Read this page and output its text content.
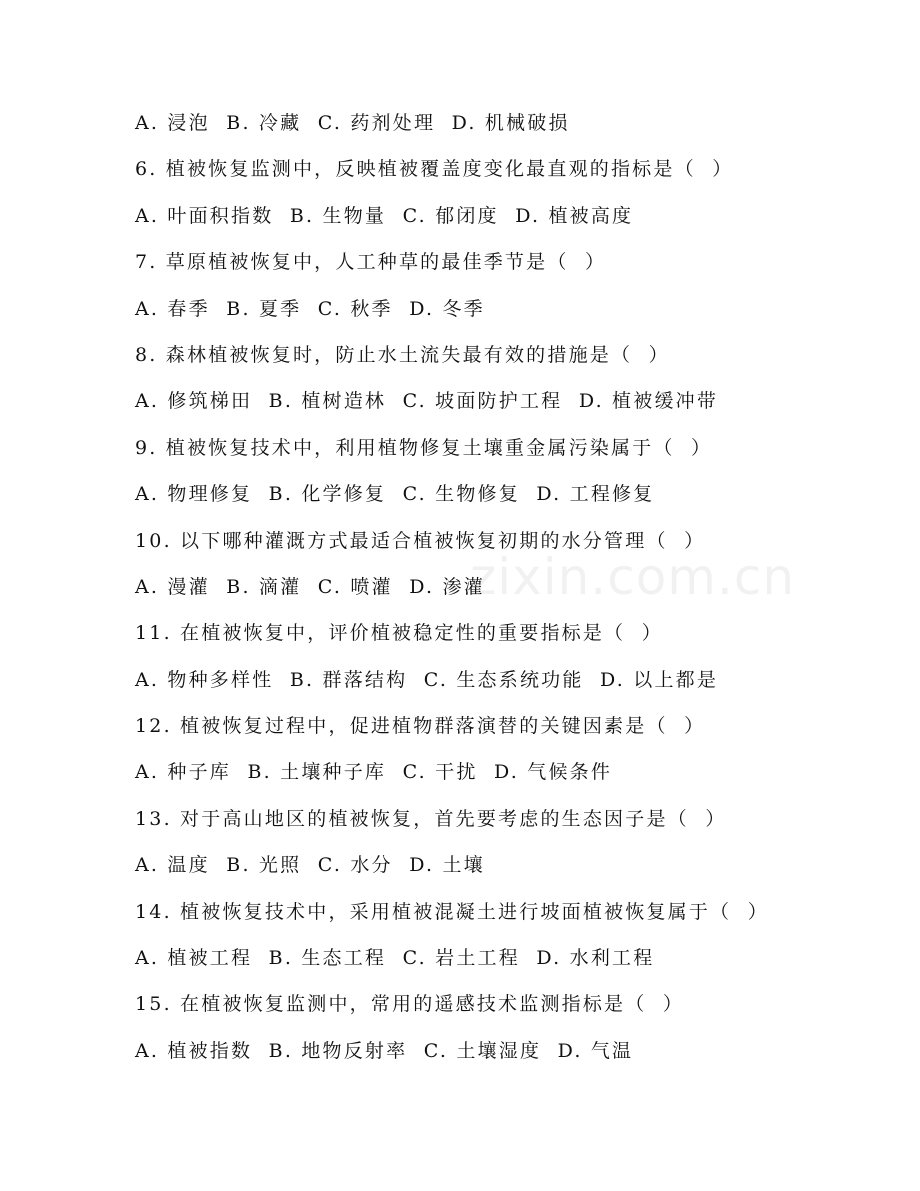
zixin.com.cn
A. 浸泡  B. 冷藏  C. 药剂处理  D. 机械破损
6. 植被恢复监测中，反映植被覆盖度变化最直观的指标是（  ）
A. 叶面积指数  B. 生物量  C. 郁闭度  D. 植被高度
7. 草原植被恢复中，人工种草的最佳季节是（  ）
A. 春季  B. 夏季  C. 秋季  D. 冬季
8. 森林植被恢复时，防止水土流失最有效的措施是（  ）
A. 修筑梯田  B. 植树造林  C. 坡面防护工程  D. 植被缓冲带
9. 植被恢复技术中，利用植物修复土壤重金属污染属于（  ）
A. 物理修复  B. 化学修复  C. 生物修复  D. 工程修复
10. 以下哪种灌溉方式最适合植被恢复初期的水分管理（  ）
A. 漫灌  B. 滴灌  C. 喷灌  D. 渗灌
11. 在植被恢复中，评价植被稳定性的重要指标是（  ）
A. 物种多样性  B. 群落结构  C. 生态系统功能  D. 以上都是
12. 植被恢复过程中，促进植物群落演替的关键因素是（  ）
A. 种子库  B. 土壤种子库  C. 干扰  D. 气候条件
13. 对于高山地区的植被恢复，首先要考虑的生态因子是（  ）
A. 温度  B. 光照  C. 水分  D. 土壤
14. 植被恢复技术中，采用植被混凝土进行坡面植被恢复属于（  ）
A. 植被工程  B. 生态工程  C. 岩土工程  D. 水利工程
15. 在植被恢复监测中，常用的遥感技术监测指标是（  ）
A. 植被指数  B. 地物反射率  C. 土壤湿度  D. 气温
